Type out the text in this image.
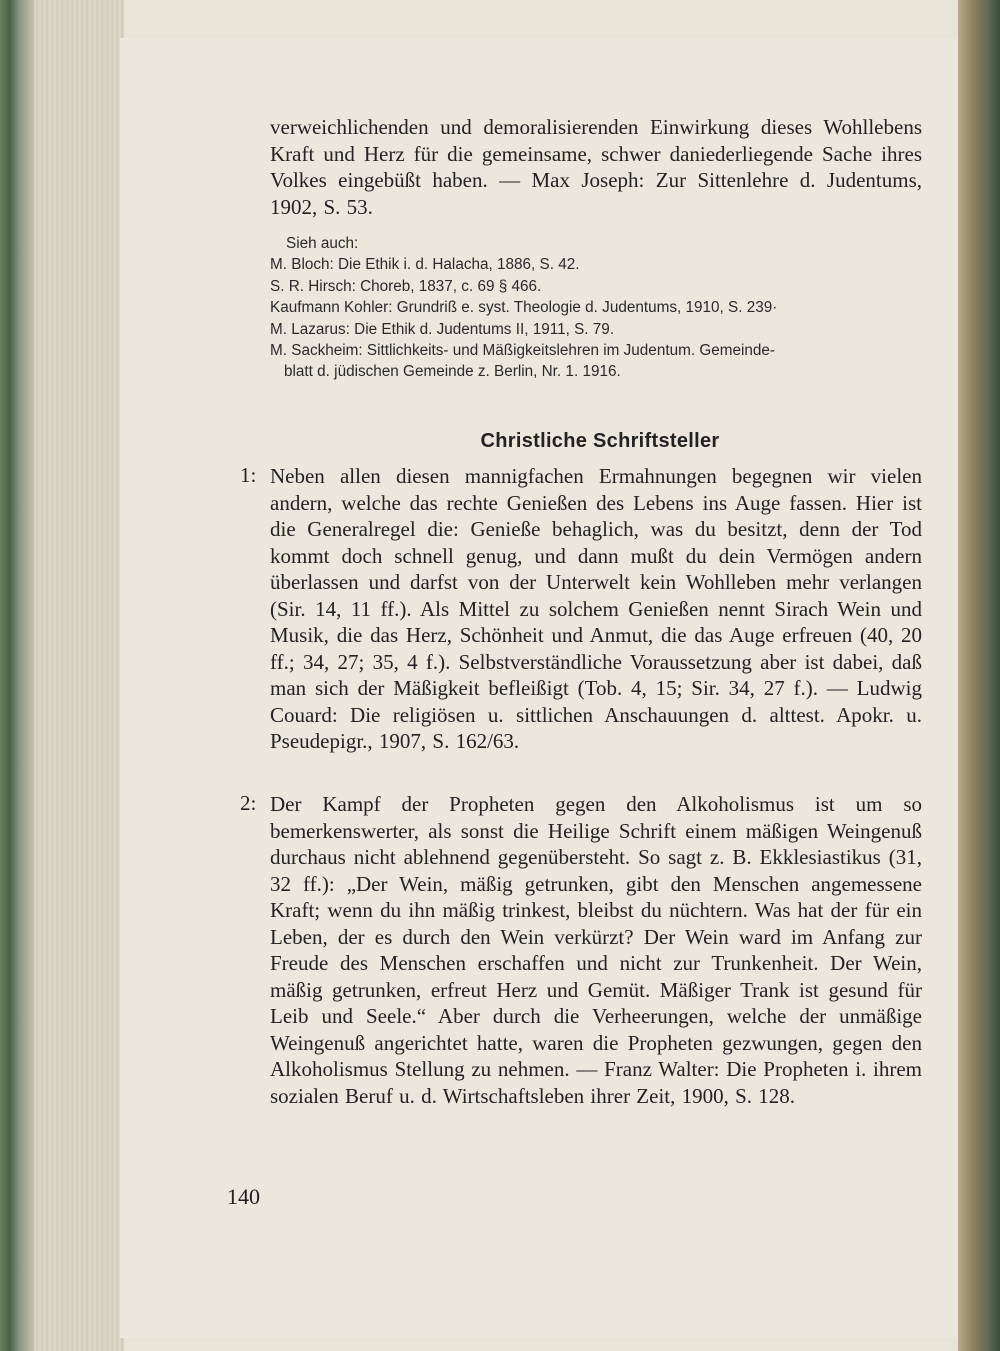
verweichlichenden und demoralisierenden Einwirkung dieses Wohllebens Kraft und Herz für die gemeinsame, schwer daniederliegende Sache ihres Volkes eingebüßt haben. — Max Joseph: Zur Sittenlehre d. Judentums, 1902, S. 53.
Sieh auch:
M. Bloch: Die Ethik i. d. Halacha, 1886, S. 42.
S. R. Hirsch: Choreb, 1837, c. 69 § 466.
Kaufmann Kohler: Grundriß e. syst. Theologie d. Judentums, 1910, S. 239·
M. Lazarus: Die Ethik d. Judentums II, 1911, S. 79.
M. Sackheim: Sittlichkeits- und Mäßigkeitslehren im Judentum. Gemeinde-
blatt d. jüdischen Gemeinde z. Berlin, Nr. 1. 1916.
Christliche Schriftsteller
1: Neben allen diesen mannigfachen Ermahnungen begegnen wir vielen andern, welche das rechte Genießen des Lebens ins Auge fassen. Hier ist die Generalregel die: Genieße behaglich, was du besitzt, denn der Tod kommt doch schnell genug, und dann mußt du dein Vermögen andern überlassen und darfst von der Unterwelt kein Wohlleben mehr verlangen (Sir. 14, 11 ff.). Als Mittel zu solchem Genießen nennt Sirach Wein und Musik, die das Herz, Schönheit und Anmut, die das Auge erfreuen (40, 20 ff.; 34, 27; 35, 4 f.). Selbstverständliche Voraussetzung aber ist dabei, daß man sich der Mäßigkeit befleißigt (Tob. 4, 15; Sir. 34, 27 f.). — Ludwig Couard: Die religiösen u. sittlichen Anschauungen d. alttest. Apokr. u. Pseudepigr., 1907, S. 162/63.
2: Der Kampf der Propheten gegen den Alkoholismus ist um so bemerkenswerter, als sonst die Heilige Schrift einem mäßigen Weingenuß durchaus nicht ablehnend gegenübersteht. So sagt z. B. Ekklesiastikus (31, 32 ff.): „Der Wein, mäßig getrunken, gibt den Menschen angemessene Kraft; wenn du ihn mäßig trinkest, bleibst du nüchtern. Was hat der für ein Leben, der es durch den Wein verkürzt? Der Wein ward im Anfang zur Freude des Menschen erschaffen und nicht zur Trunkenheit. Der Wein, mäßig getrunken, erfreut Herz und Gemüt. Mäßiger Trank ist gesund für Leib und Seele.“ Aber durch die Verheerungen, welche der unmäßige Weingenuß angerichtet hatte, waren die Propheten gezwungen, gegen den Alkoholismus Stellung zu nehmen. — Franz Walter: Die Propheten i. ihrem sozialen Beruf u. d. Wirtschaftsleben ihrer Zeit, 1900, S. 128.
140
